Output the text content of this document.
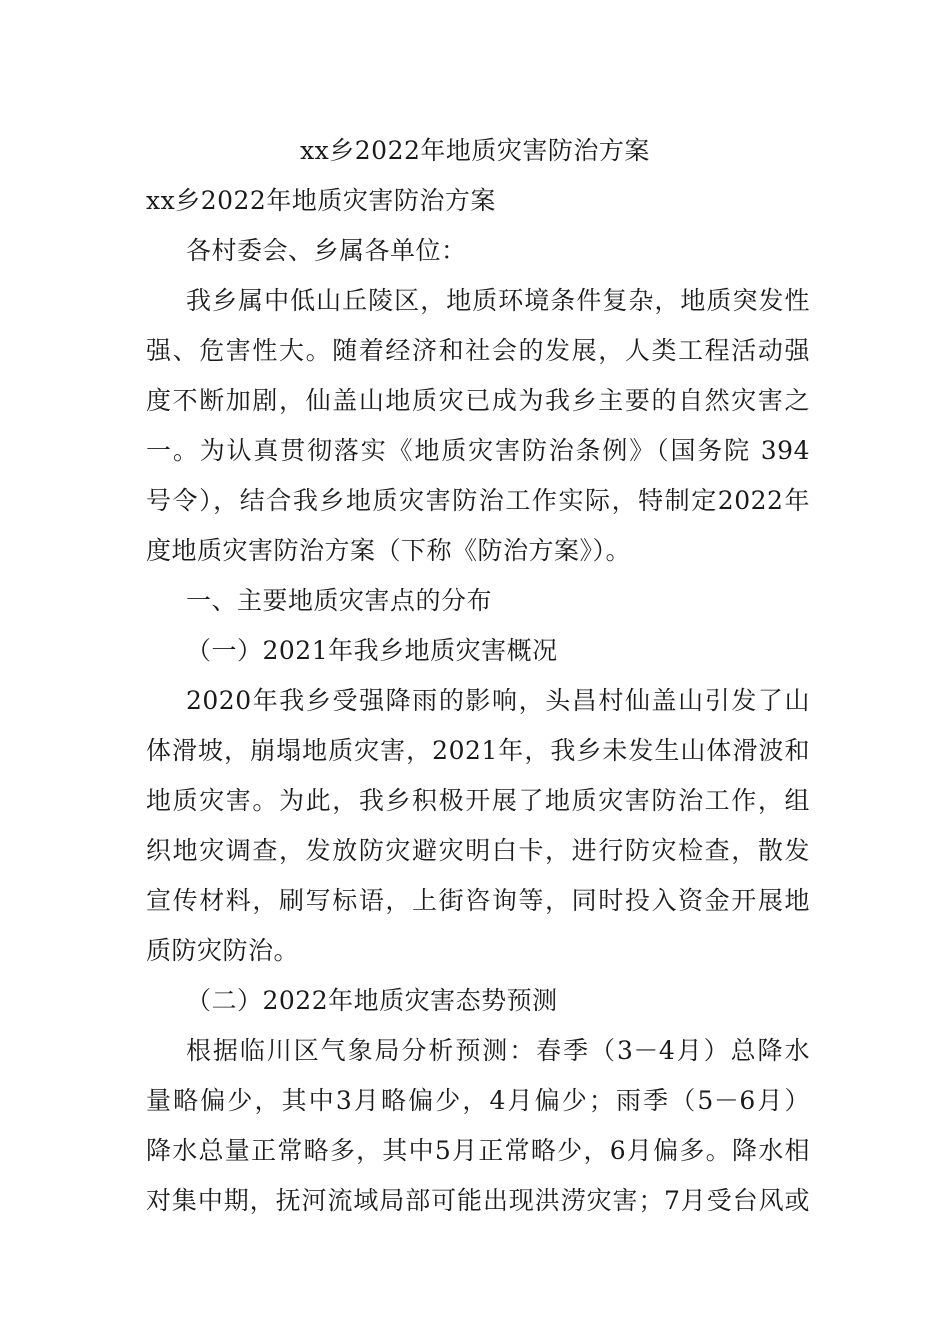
xx乡2022年地质灾害防治方案
xx乡2022年地质灾害防治方案
各村委会、乡属各单位：
我乡属中低山丘陵区，地质环境条件复杂，地质突发性
强、危害性大。随着经济和社会的发展，人类工程活动强
度不断加剧，仙盖山地质灾已成为我乡主要的自然灾害之
一。为认真贯彻落实《地质灾害防治条例》（国务院 394
号令），结合我乡地质灾害防治工作实际，特制定2022年
度地质灾害防治方案（下称《防治方案》）。
一、主要地质灾害点的分布
（一）2021年我乡地质灾害概况
2020年我乡受强降雨的影响，头昌村仙盖山引发了山
体滑坡，崩塌地质灾害，2021年，我乡未发生山体滑波和
地质灾害。为此，我乡积极开展了地质灾害防治工作，组
织地灾调查，发放防灾避灾明白卡，进行防灾检查，散发
宣传材料，刷写标语，上街咨询等，同时投入资金开展地
质防灾防治。
（二）2022年地质灾害态势预测
根据临川区气象局分析预测：春季（3－4月）总降水
量略偏少，其中3月略偏少，4月偏少；雨季（5－6月）
降水总量正常略多，其中5月正常略少，6月偏多。降水相
对集中期，抚河流域局部可能出现洪涝灾害；7月受台风或
